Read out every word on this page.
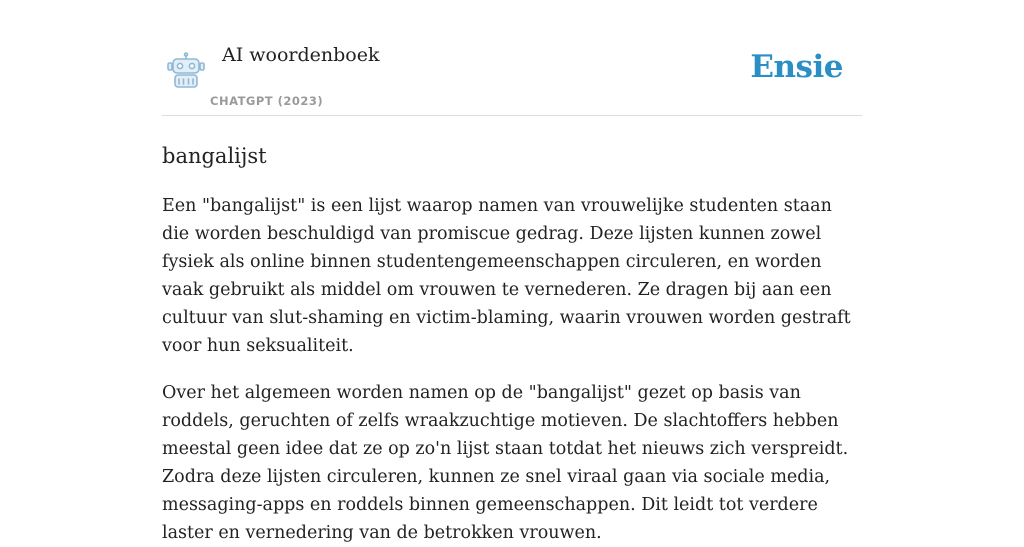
AI woordenboek
CHATGPT (2023)
Ensie
bangalijst

Een "bangalijst" is een lijst waarop namen van vrouwelijke studenten staan die worden beschuldigd van promiscue gedrag. Deze lijsten kunnen zowel fysiek als online binnen studentengemeenschappen circuleren, en worden vaak gebruikt als middel om vrouwen te vernederen. Ze dragen bij aan een cultuur van slut-shaming en victim-blaming, waarin vrouwen worden gestraft voor hun seksualiteit.

Over het algemeen worden namen op de "bangalijst" gezet op basis van roddels, geruchten of zelfs wraakzuchtige motieven. De slachtoffers hebben meestal geen idee dat ze op zo'n lijst staan totdat het nieuws zich verspreidt. Zodra deze lijsten circuleren, kunnen ze snel viraal gaan via sociale media, messaging-apps en roddels binnen gemeenschappen. Dit leidt tot verdere laster en vernedering van de betrokken vrouwen.
